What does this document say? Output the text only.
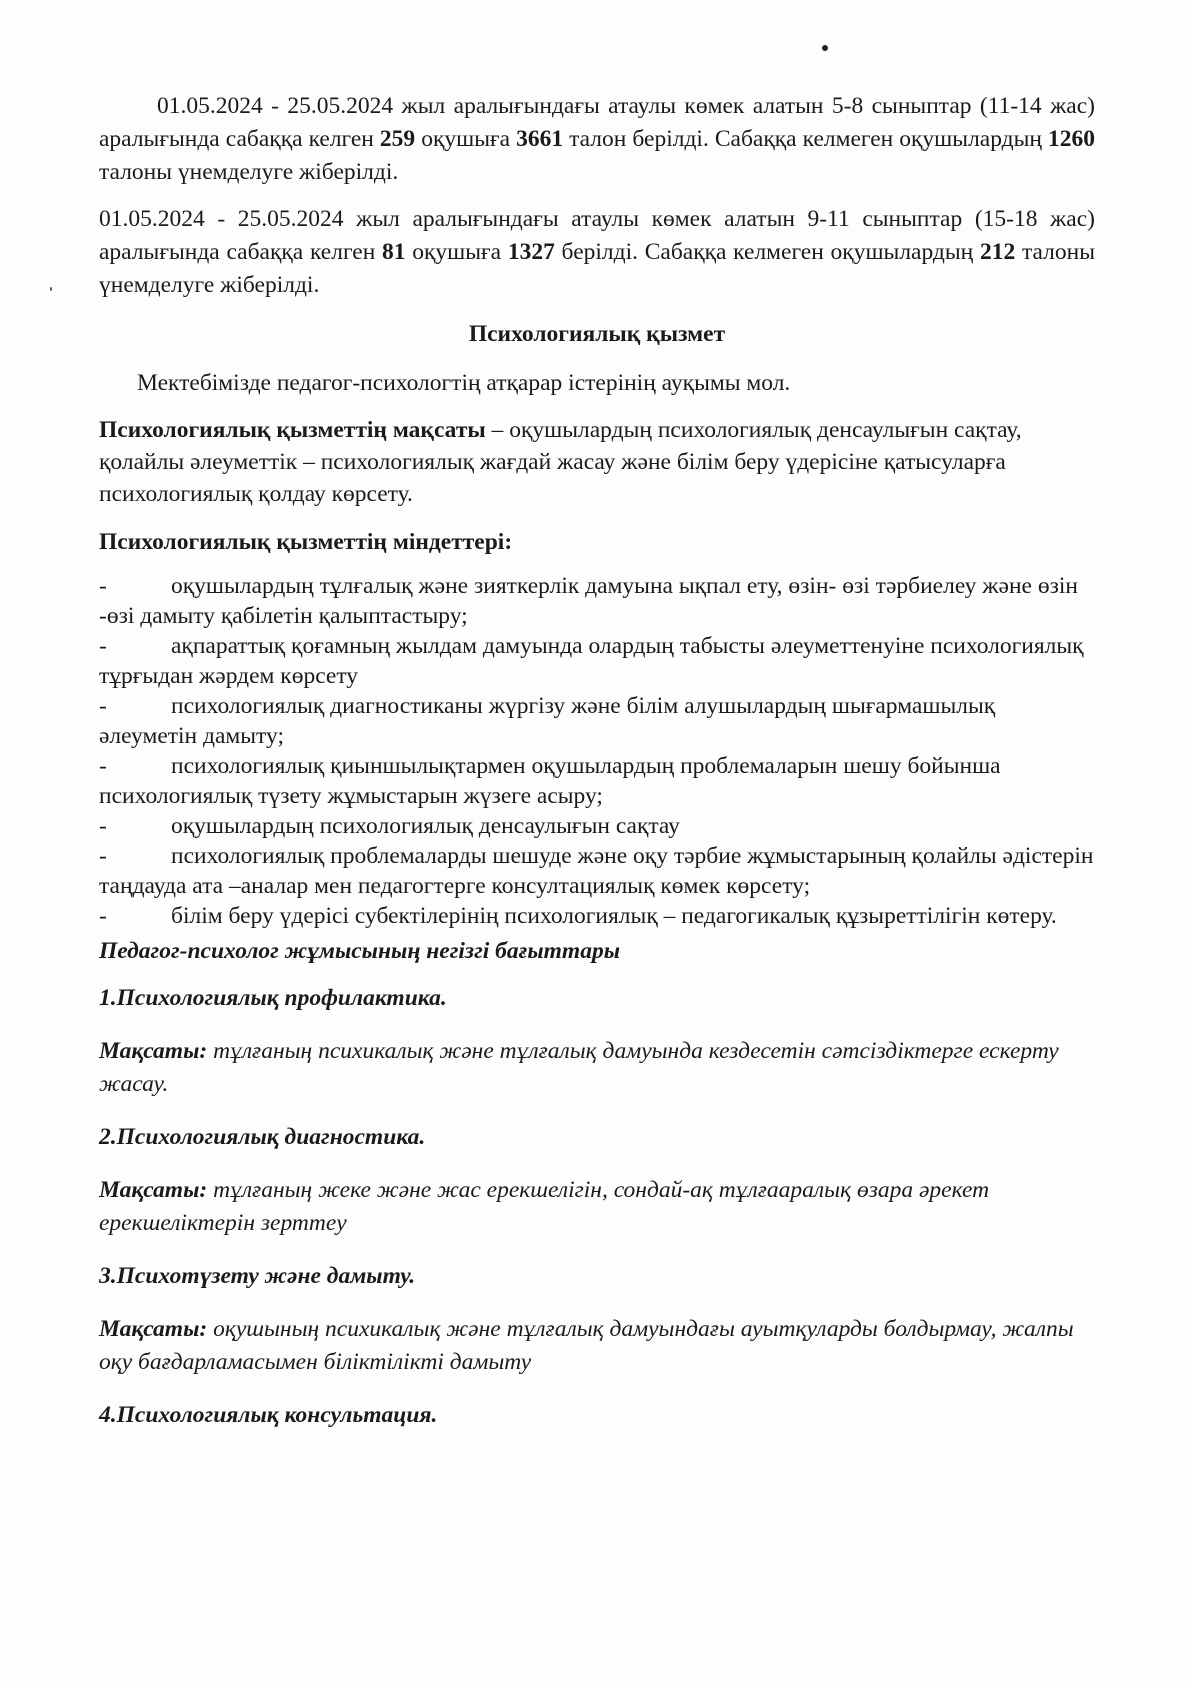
01.05.2024 - 25.05.2024 жыл аралығындағы атаулы көмек алатын 5-8 сыныптар (11-14 жас) аралығында сабаққа келген 259 оқушыға 3661 талон берілді. Сабаққа келмеген оқушылардың 1260 талоны үнемделуге жіберілді.

01.05.2024 - 25.05.2024 жыл аралығындағы атаулы көмек алатын 9-11 сыныптар (15-18 жас) аралығында сабаққа келген 81 оқушыға 1327 берілді. Сабаққа келмеген оқушылардың 212 талоны үнемделуге жіберілді.

Психологиялық қызмет

Мектебімізде педагог-психологтің атқарар істерінің ауқымы мол.

Психологиялық қызметтің мақсаты – оқушылардың психологиялық денсаулығын сақтау, қолайлы әлеуметтік – психологиялық жағдай жасау және білім беру үдерісіне қатысуларға психологиялық қолдау көрсету.

Психологиялық қызметтің міндеттері:

-	оқушылардың тұлғалық және зияткерлік дамуына ықпал ету, өзін- өзі тәрбиелеу және өзін -өзі дамыту қабілетін қалыптастыру;
-	ақпараттық қоғамның жылдам дамуында олардың табысты әлеуметтенуіне психологиялық тұрғыдан жәрдем көрсету
-	психологиялық диагностиканы жүргізу және білім алушылардың шығармашылық әлеуметін дамыту;
-	психологиялық қиыншылықтармен оқушылардың проблемаларын шешу бойынша психологиялық түзету жұмыстарын жүзеге асыру;
-	оқушылардың психологиялық денсаулығын сақтау
-	психологиялық проблемаларды шешуде және оқу тәрбие жұмыстарының қолайлы әдістерін таңдауда ата –аналар мен педагогтерге консултациялық көмек көрсету;
-	білім беру үдерісі субектілерінің психологиялық – педагогикалық құзыреттілігін көтеру.

Педагог-психолог жұмысының негізгі бағыттары

1.Психологиялық профилактика.

Мақсаты: тұлғаның психикалық және тұлғалық дамуында кездесетін сәтсіздіктерге ескерту жасау.

2.Психологиялық диагностика.

Мақсаты: тұлғаның жеке және жас ерекшелігін, сондай-ақ тұлғааралық өзара әрекет ерекшеліктерін зерттеу

3.Психотүзету және дамыту.

Мақсаты: оқушының психикалық және тұлғалық дамуындағы ауытқуларды болдырмау, жалпы оқу бағдарламасымен біліктілікті дамыту

4.Психологиялық консультация.
